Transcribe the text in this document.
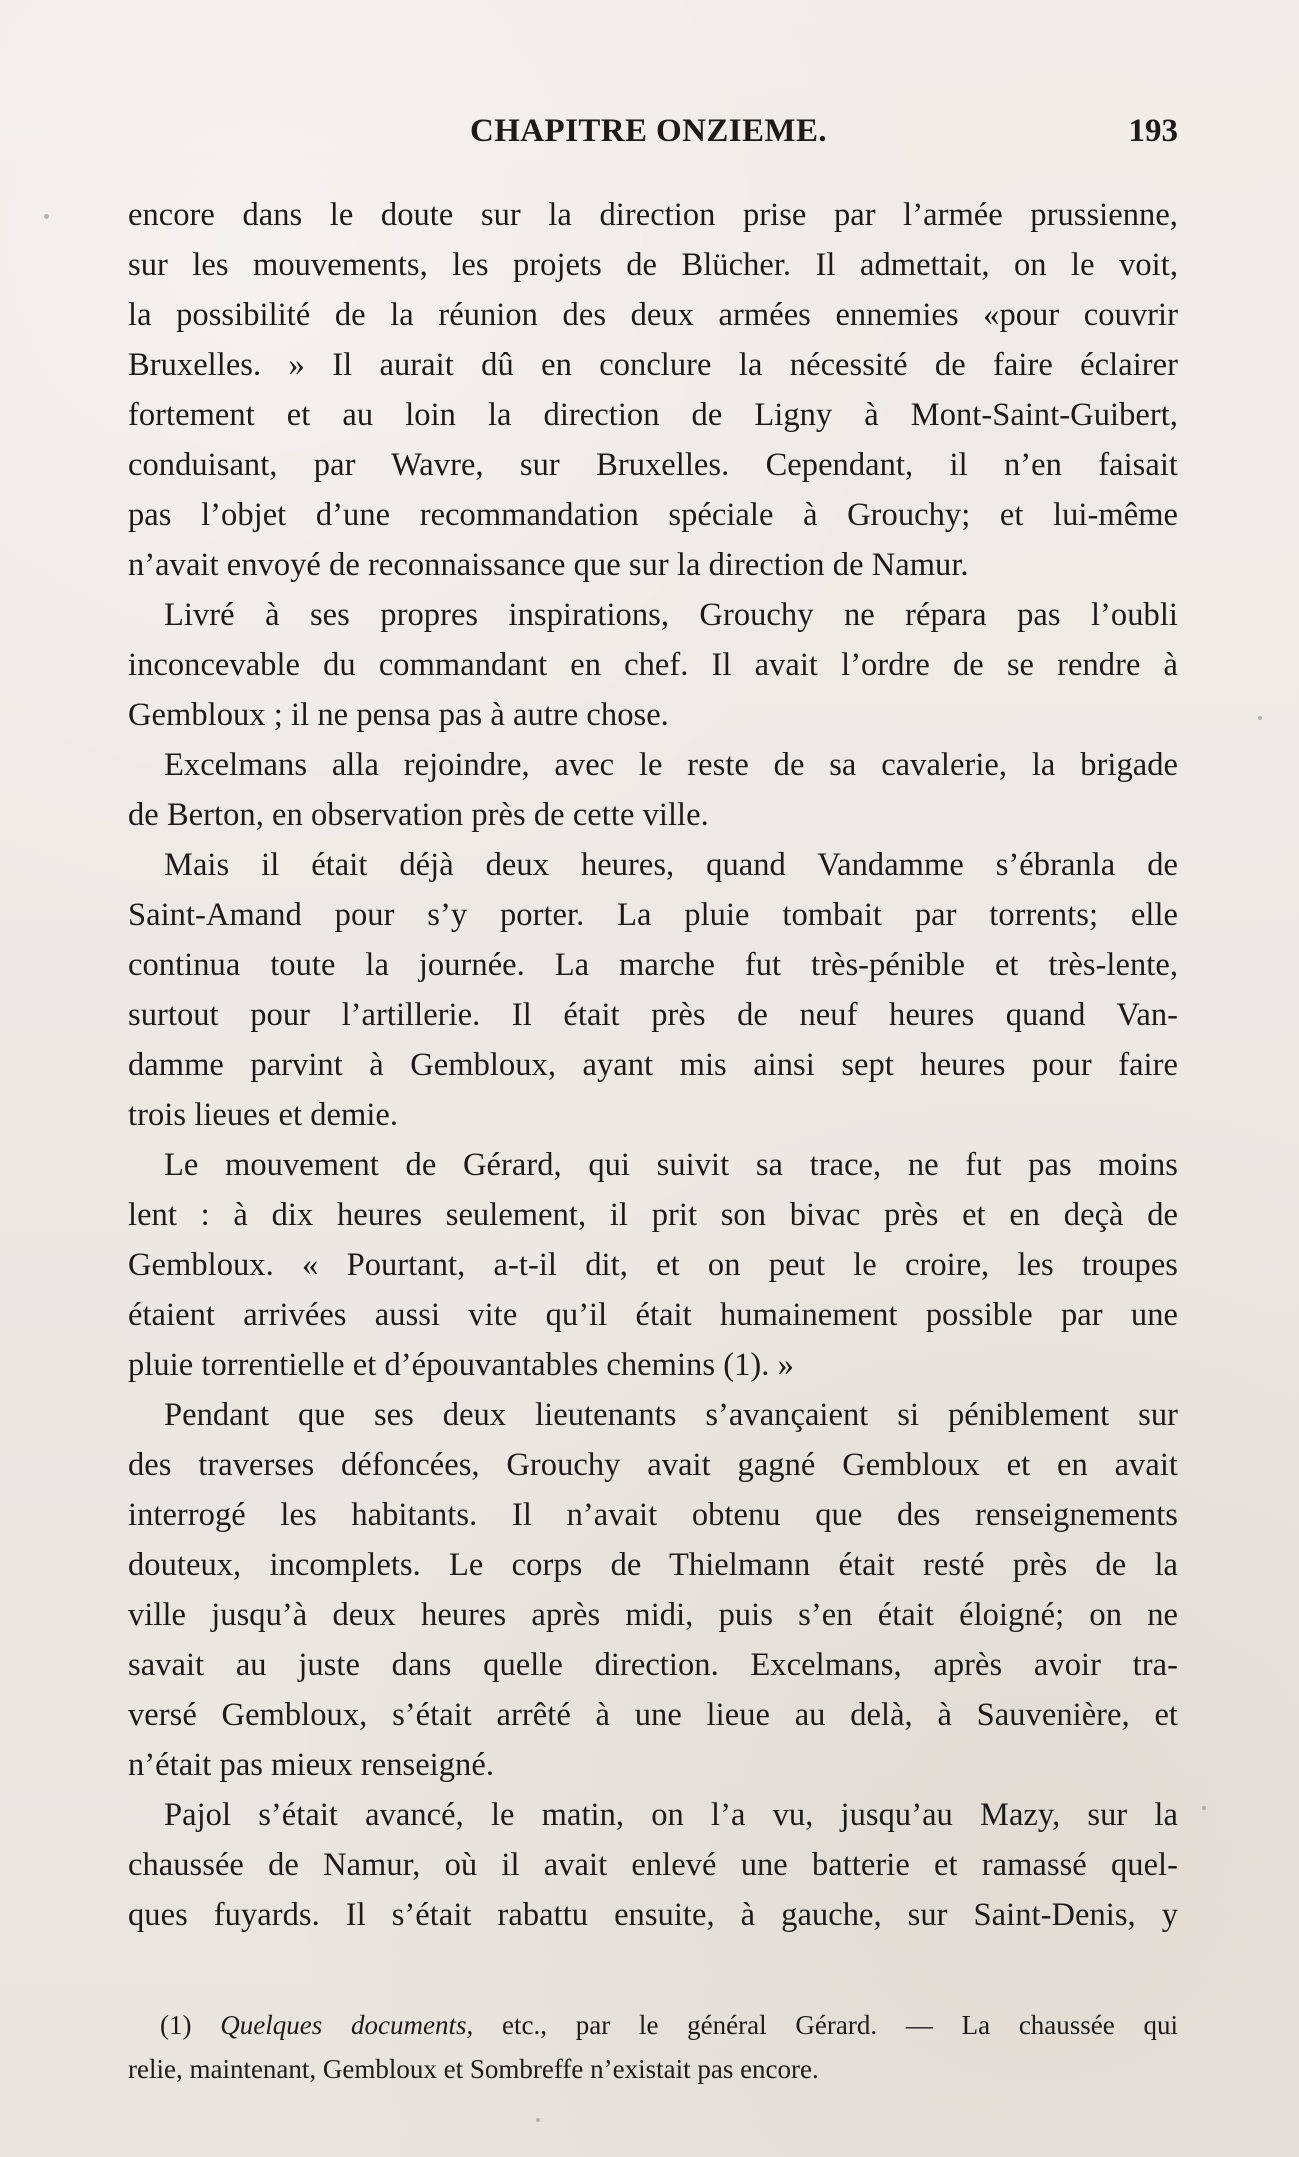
CHAPITRE ONZIEME.	193
encore dans le doute sur la direction prise par l’armée prussienne,
sur les mouvements, les projets de Blücher. Il admettait, on le voit,
la possibilité de la réunion des deux armées ennemies «pour couvrir
Bruxelles. » Il aurait dû en conclure la nécessité de faire éclairer
fortement et au loin la direction de Ligny à Mont-Saint-Guibert,
conduisant, par Wavre, sur Bruxelles. Cependant, il n’en faisait
pas l’objet d’une recommandation spéciale à Grouchy; et lui-même
n’avait envoyé de reconnaissance que sur la direction de Namur.
Livré à ses propres inspirations, Grouchy ne répara pas l’oubli
inconcevable du commandant en chef. Il avait l’ordre de se rendre à
Gembloux ; il ne pensa pas à autre chose.
Excelmans alla rejoindre, avec le reste de sa cavalerie, la brigade
de Berton, en observation près de cette ville.
Mais il était déjà deux heures, quand Vandamme s’ébranla de
Saint-Amand pour s’y porter. La pluie tombait par torrents; elle
continua toute la journée. La marche fut très-pénible et très-lente,
surtout pour l’artillerie. Il était près de neuf heures quand Van-
damme parvint à Gembloux, ayant mis ainsi sept heures pour faire
trois lieues et demie.
Le mouvement de Gérard, qui suivit sa trace, ne fut pas moins
lent : à dix heures seulement, il prit son bivac près et en deçà de
Gembloux. « Pourtant, a-t-il dit, et on peut le croire, les troupes
étaient arrivées aussi vite qu’il était humainement possible par une
pluie torrentielle et d’épouvantables chemins (1). »
Pendant que ses deux lieutenants s’avançaient si péniblement sur
des traverses défoncées, Grouchy avait gagné Gembloux et en avait
interrogé les habitants. Il n’avait obtenu que des renseignements
douteux, incomplets. Le corps de Thielmann était resté près de la
ville jusqu’à deux heures après midi, puis s’en était éloigné; on ne
savait au juste dans quelle direction. Excelmans, après avoir tra-
versé Gembloux, s’était arrêté à une lieue au delà, à Sauvenière, et
n’était pas mieux renseigné.
Pajol s’était avancé, le matin, on l’a vu, jusqu’au Mazy, sur la
chaussée de Namur, où il avait enlevé une batterie et ramassé quel-
ques fuyards. Il s’était rabattu ensuite, à gauche, sur Saint-Denis, y
(1) Quelques documents, etc., par le général Gérard. — La chaussée qui
relie, maintenant, Gembloux et Sombreffe n’existait pas encore.
